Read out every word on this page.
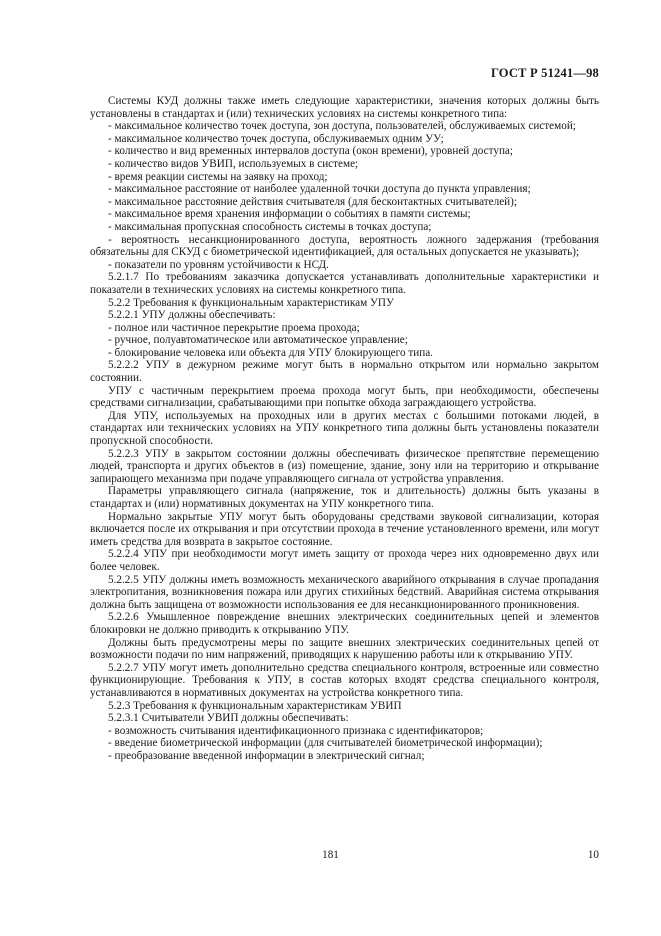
ГОСТ Р 51241—98

Системы КУД должны также иметь следующие характеристики, значения которых должны быть установлены в стандартах и (или) технических условиях на системы конкретного типа:

- максимальное количество точек доступа, зон доступа, пользователей, обслуживаемых системой;

- максимальное количество точек доступа, обслуживаемых одним УУ;

- количество и вид временны́х интервалов доступа (окон времени), уровней доступа;

- количество видов УВИП, используемых в системе;

- время реакции системы на заявку на проход;

- максимальное расстояние от наиболее удаленной точки доступа до пункта управления;

- максимальное расстояние действия считывателя (для бесконтактных считывателей);

- максимальное время хранения информации о событиях в памяти системы;

- максимальная пропускная способность системы в точках доступа;

- вероятность несанкционированного доступа, вероятность ложного задержания (требования обязательны для СКУД с биометрической идентификацией, для остальных допускается не указывать);

- показатели по уровням устойчивости к НСД.

5.2.1.7 По требованиям заказчика допускается устанавливать дополнительные характеристики и показатели в технических условиях на системы конкретного типа.

5.2.2 Требования к функциональным характеристикам УПУ

5.2.2.1 УПУ должны обеспечивать:

- полное или частичное перекрытие проема прохода;

- ручное, полуавтоматическое или автоматическое управление;

- блокирование человека или объекта для УПУ блокирующего типа.

5.2.2.2 УПУ в дежурном режиме могут быть в нормально открытом или нормально закрытом состоянии.

УПУ с частичным перекрытием проема прохода могут быть, при необходимости, обеспечены средствами сигнализации, срабатывающими при попытке обхода заграждающего устройства.

Для УПУ, используемых на проходных или в других местах с большими потоками людей, в стандартах или технических условиях на УПУ конкретного типа должны быть установлены показатели пропускной способности.

5.2.2.3 УПУ в закрытом состоянии должны обеспечивать физическое препятствие перемещению людей, транспорта и других объектов в (из) помещение, здание, зону или на территорию и открывание запирающего механизма при подаче управляющего сигнала от устройства управления.

Параметры управляющего сигнала (напряжение, ток и длительность) должны быть указаны в стандартах и (или) нормативных документах на УПУ конкретного типа.

Нормально закрытые УПУ могут быть оборудованы средствами звуковой сигнализации, которая включается после их открывания и при отсутствии прохода в течение установленного времени, или могут иметь средства для возврата в закрытое состояние.

5.2.2.4 УПУ при необходимости могут иметь защиту от прохода через них одновременно двух или более человек.

5.2.2.5 УПУ должны иметь возможность механического аварийного открывания в случае пропадания электропитания, возникновения пожара или других стихийных бедствий. Аварийная система открывания должна быть защищена от возможности использования ее для несанкционированного проникновения.

5.2.2.6 Умышленное повреждение внешних электрических соединительных цепей и элементов блокировки не должно приводить к открыванию УПУ.

Должны быть предусмотрены меры по защите внешних электрических соединительных цепей от возможности подачи по ним напряжений, приводящих к нарушению работы или к открыванию УПУ.

5.2.2.7 УПУ могут иметь дополнительно средства специального контроля, встроенные или совместно функционирующие. Требования к УПУ, в состав которых входят средства специального контроля, устанавливаются в нормативных документах на устройства конкретного типа.

5.2.3 Требования к функциональным характеристикам УВИП

5.2.3.1 Считыватели УВИП должны обеспечивать:

- возможность считывания идентификационного признака с идентификаторов;

- введение биометрической информации (для считывателей биометрической информации);

- преобразование введенной информации в электрический сигнал;

181	10
